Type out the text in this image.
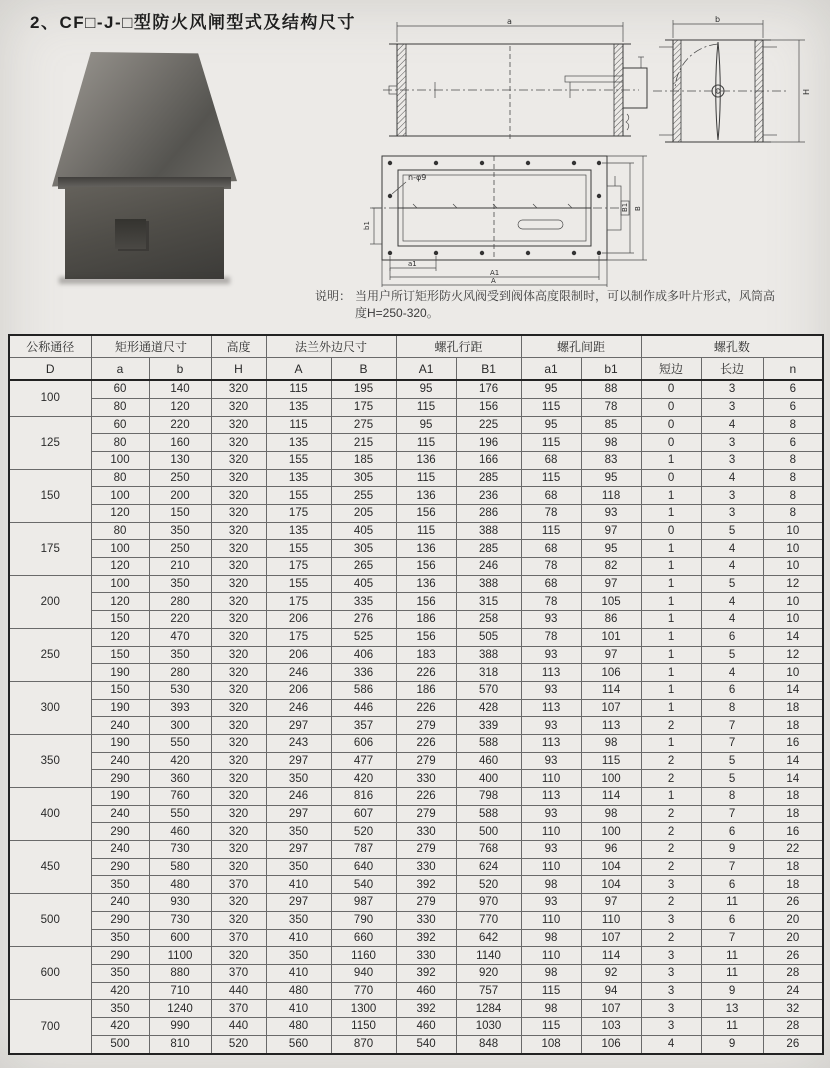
2、CF□-J-□型防火风闸型式及结构尺寸	a	b
H
n-φ9
b1
a1
A1
A
B1 B
说明： 当用户所订矩形防火风阀受到阀体高度限制时，可以制作成多叶片形式，风筒高
度H=250-320。
公称通径	矩形通道尺寸		高度	法兰外边尺寸		螺孔行距		螺孔间距		螺孔数		
D	a	b	H	A	B	A1	B1	a1	b1	短边	长边	n
100	60	140	320	115	195	95	176	95	88	0	3	6
	80	120	320	135	175	115	156	115	78	0	3	6
125	60	220	320	115	275	95	225	95	85	0	4	8
	80	160	320	135	215	115	196	115	98	0	3	6
	100	130	320	155	185	136	166	68	83	1	3	8
150	80	250	320	135	305	115	285	115	95	0	4	8
	100	200	320	155	255	136	236	68	118	1	3	8
	120	150	320	175	205	156	286	78	93	1	3	8
175	80	350	320	135	405	115	388	115	97	0	5	10
	100	250	320	155	305	136	285	68	95	1	4	10
	120	210	320	175	265	156	246	78	82	1	4	10
200	100	350	320	155	405	136	388	68	97	1	5	12
	120	280	320	175	335	156	315	78	105	1	4	10
	150	220	320	206	276	186	258	93	86	1	4	10
250	120	470	320	175	525	156	505	78	101	1	6	14
	150	350	320	206	406	183	388	93	97	1	5	12
	190	280	320	246	336	226	318	113	106	1	4	10
300	150	530	320	206	586	186	570	93	114	1	6	14
	190	393	320	246	446	226	428	113	107	1	8	18
	240	300	320	297	357	279	339	93	113	2	7	18
350	190	550	320	243	606	226	588	113	98	1	7	16
	240	420	320	297	477	279	460	93	115	2	5	14
	290	360	320	350	420	330	400	110	100	2	5	14
400	190	760	320	246	816	226	798	113	114	1	8	18
	240	550	320	297	607	279	588	93	98	2	7	18
	290	460	320	350	520	330	500	110	100	2	6	16
450	240	730	320	297	787	279	768	93	96	2	9	22
	290	580	320	350	640	330	624	110	104	2	7	18
	350	480	370	410	540	392	520	98	104	3	6	18
500	240	930	320	297	987	279	970	93	97	2	11	26
	290	730	320	350	790	330	770	110	110	3	6	20
	350	600	370	410	660	392	642	98	107	2	7	20
600	290	1100	320	350	1160	330	1140	110	114	3	11	26
	350	880	370	410	940	392	920	98	92	3	11	28
	420	710	440	480	770	460	757	115	94	3	9	24
700	350	1240	370	410	1300	392	1284	98	107	3	13	32
	420	990	440	480	1150	460	1030	115	103	3	11	28
	500	810	520	560	870	540	848	108	106	4	9	26
